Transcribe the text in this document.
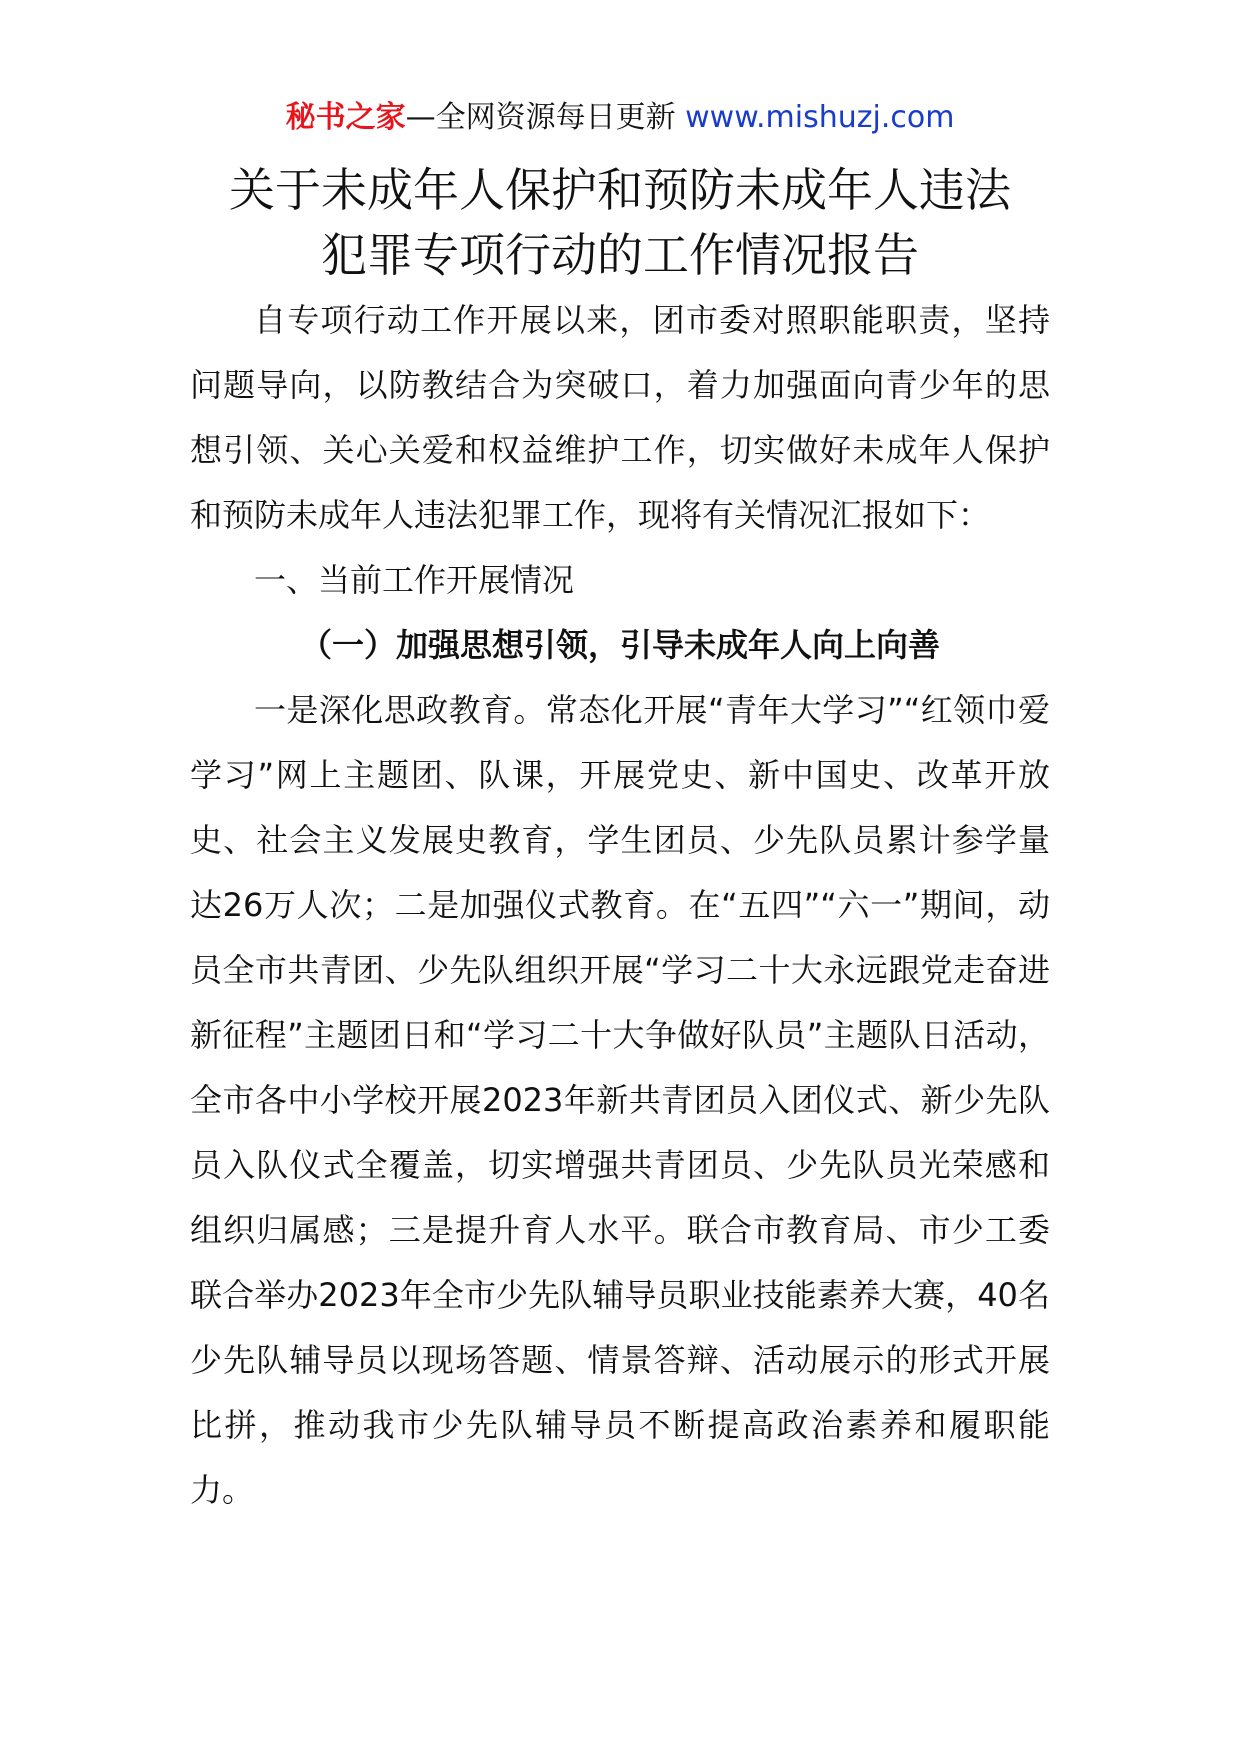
秘书之家—全网资源每日更新 www.mishuzj.com
关于未成年人保护和预防未成年人违法
犯罪专项行动的工作情况报告

自专项行动工作开展以来，团市委对照职能职责，坚持问题导向，以防教结合为突破口，着力加强面向青少年的思想引领、关心关爱和权益维护工作，切实做好未成年人保护和预防未成年人违法犯罪工作，现将有关情况汇报如下：

一、当前工作开展情况

（一）加强思想引领，引导未成年人向上向善

一是深化思政教育。常态化开展“青年大学习”“红领巾爱学习”网上主题团、队课，开展党史、新中国史、改革开放史、社会主义发展史教育，学生团员、少先队员累计参学量达26万人次；二是加强仪式教育。在“五四”“六一”期间，动员全市共青团、少先队组织开展“学习二十大永远跟党走奋进新征程”主题团日和“学习二十大争做好队员”主题队日活动，全市各中小学校开展2023年新共青团员入团仪式、新少先队员入队仪式全覆盖，切实增强共青团员、少先队员光荣感和组织归属感；三是提升育人水平。联合市教育局、市少工委联合举办2023年全市少先队辅导员职业技能素养大赛，40名少先队辅导员以现场答题、情景答辩、活动展示的形式开展比拼，推动我市少先队辅导员不断提高政治素养和履职能力。
